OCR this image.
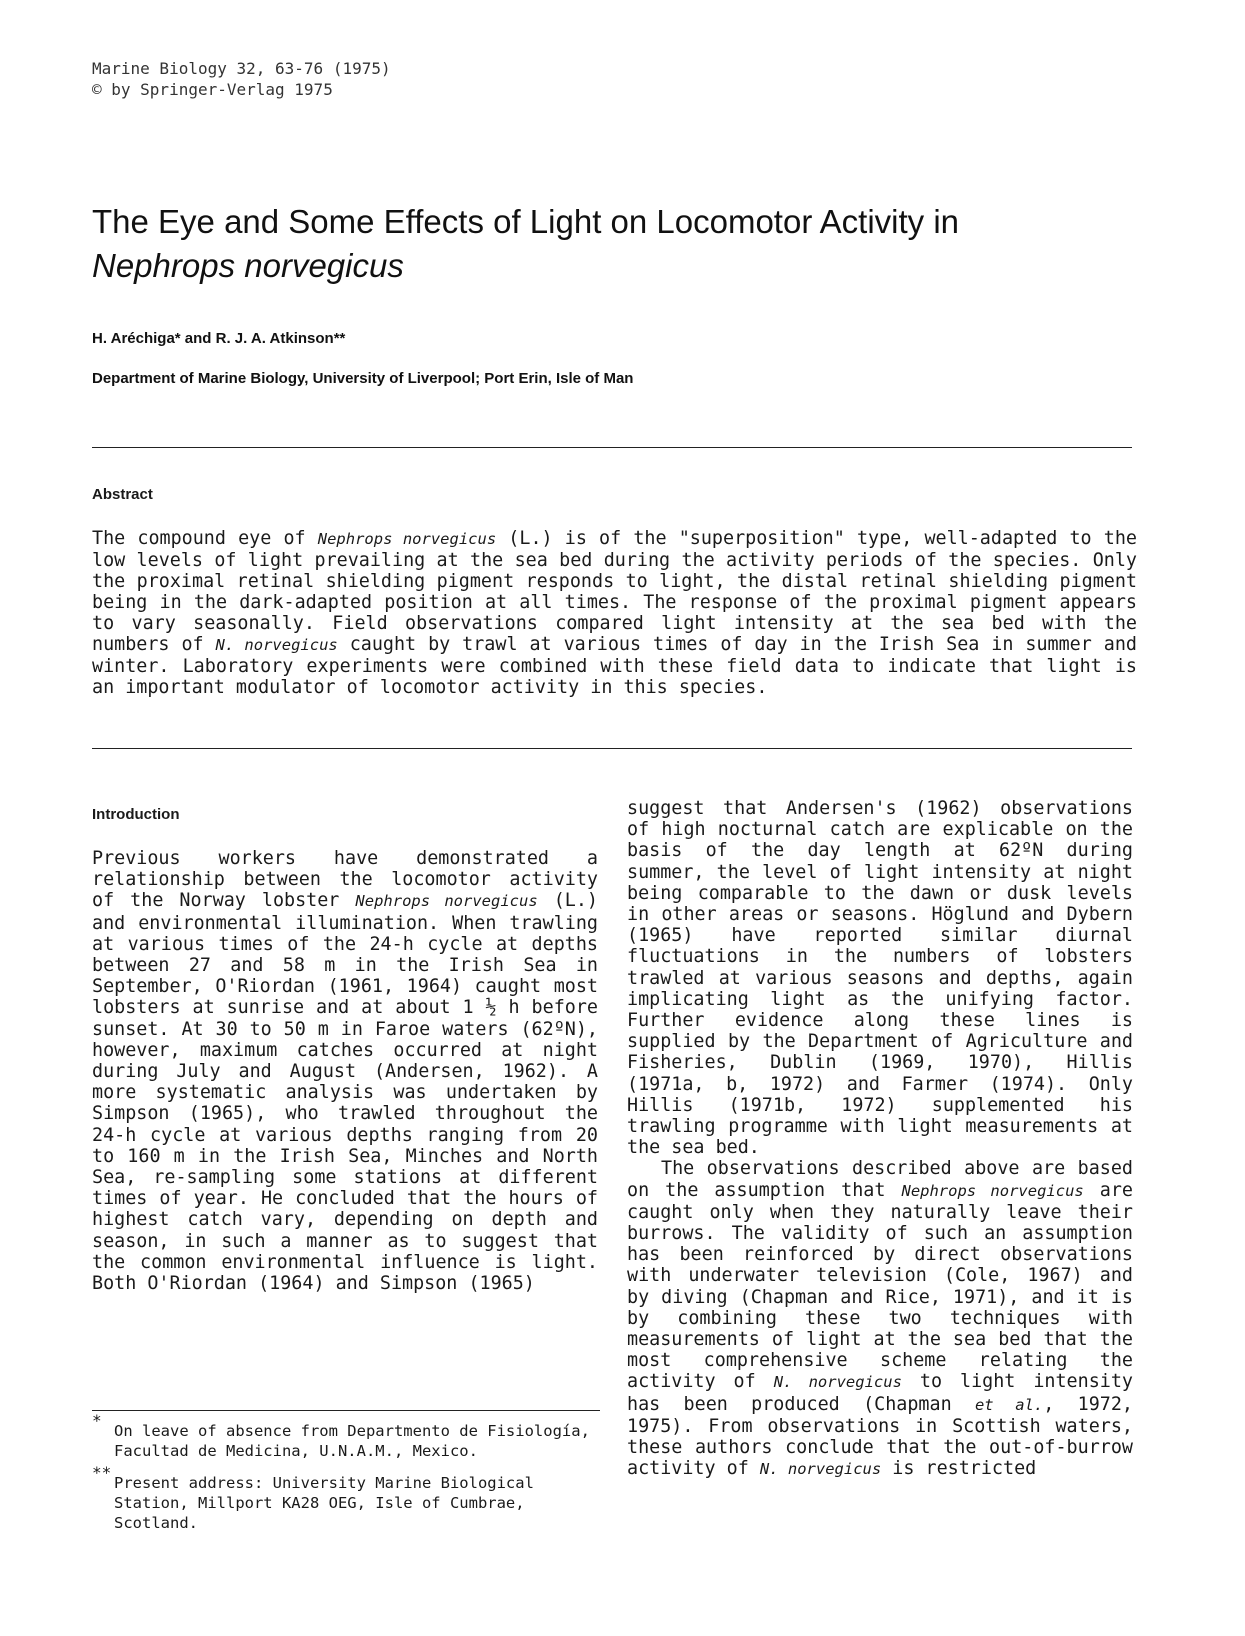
Marine Biology 32, 63-76 (1975)
© by Springer-Verlag 1975
The Eye and Some Effects of Light on Locomotor Activity in
Nephrops norvegicus
H. Aréchiga* and R. J. A. Atkinson**
Department of Marine Biology, University of Liverpool; Port Erin, Isle of Man
Abstract
The compound eye of Nephrops norvegicus (L.) is of the "superposition" type, well-adapted to the low levels of light prevailing at the sea bed during the activity periods of the species. Only the proximal retinal shielding pigment responds to light, the distal retinal shielding pigment being in the dark-adapted position at all times. The response of the proximal pigment appears to vary seasonally. Field observations compared light intensity at the sea bed with the numbers of N. norvegicus caught by trawl at various times of day in the Irish Sea in summer and winter. Laboratory experiments were combined with these field data to indicate that light is an important modulator of locomotor activity in this species.
Introduction
Previous workers have demonstrated a relationship between the locomotor activity of the Norway lobster Nephrops norvegicus (L.) and environmental illumination. When trawling at various times of the 24-h cycle at depths between 27 and 58 m in the Irish Sea in September, O'Riordan (1961, 1964) caught most lobsters at sunrise and at about 1 ½ h before sunset. At 30 to 50 m in Faroe waters (62ºN), however, maximum catches occurred at night during July and August (Andersen, 1962). A more systematic analysis was undertaken by Simpson (1965), who trawled throughout the 24-h cycle at various depths ranging from 20 to 160 m in the Irish Sea, Minches and North Sea, re-sampling some stations at different times of year. He concluded that the hours of highest catch vary, depending on depth and season, in such a manner as to suggest that the common environmental influence is light. Both O'Riordan (1964) and Simpson (1965)
suggest that Andersen's (1962) observations of high nocturnal catch are explicable on the basis of the day length at 62ºN during summer, the level of light intensity at night being comparable to the dawn or dusk levels in other areas or seasons. Höglund and Dybern (1965) have reported similar diurnal fluctuations in the numbers of lobsters trawled at various seasons and depths, again implicating light as the unifying factor. Further evidence along these lines is supplied by the Department of Agriculture and Fisheries, Dublin (1969, 1970), Hillis (1971a, b, 1972) and Farmer (1974). Only Hillis (1971b, 1972) supplemented his trawling programme with light measurements at the sea bed.
The observations described above are based on the assumption that Nephrops norvegicus are caught only when they naturally leave their burrows. The validity of such an assumption has been reinforced by direct observations with underwater television (Cole, 1967) and by diving (Chapman and Rice, 1971), and it is by combining these two techniques with measurements of light at the sea bed that the most comprehensive scheme relating the activity of N. norvegicus to light intensity has been produced (Chapman et al., 1972, 1975). From observations in Scottish waters, these authors conclude that the out-of-burrow activity of N. norvegicus is restricted
*
On leave of absence from Departmento de Fisiología, Facultad de Medicina, U.N.A.M., Mexico.
**
Present address: University Marine Biological Station, Millport KA28 OEG, Isle of Cumbrae, Scotland.
